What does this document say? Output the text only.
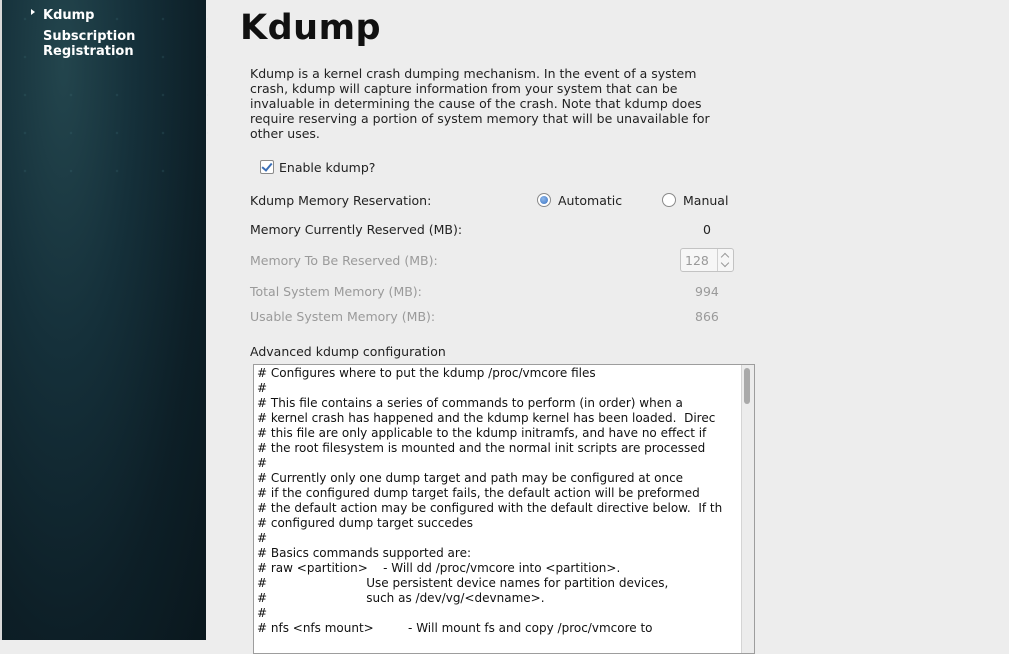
Kdump
Subscription
Registration
Kdump
Kdump is a kernel crash dumping mechanism. In the event of a system crash, kdump will capture information from your system that can be invaluable in determining the cause of the crash. Note that kdump does require reserving a portion of system memory that will be unavailable for other uses.
Enable kdump?
Kdump Memory Reservation:	Automatic	Manual
Memory Currently Reserved (MB):	0
Memory To Be Reserved (MB):	128
Total System Memory (MB):	994
Usable System Memory (MB):	866
Advanced kdump configuration
# Configures where to put the kdump /proc/vmcore files
#
# This file contains a series of commands to perform (in order) when a
# kernel crash has happened and the kdump kernel has been loaded.  Direc
# this file are only applicable to the kdump initramfs, and have no effect if
# the root filesystem is mounted and the normal init scripts are processed
#
# Currently only one dump target and path may be configured at once
# if the configured dump target fails, the default action will be preformed
# the default action may be configured with the default directive below.  If th
# configured dump target succedes
#
# Basics commands supported are:
# raw <partition>    - Will dd /proc/vmcore into <partition>.
#                          Use persistent device names for partition devices,
#                          such as /dev/vg/<devname>.
#
# nfs <nfs mount>         - Will mount fs and copy /proc/vmcore to
